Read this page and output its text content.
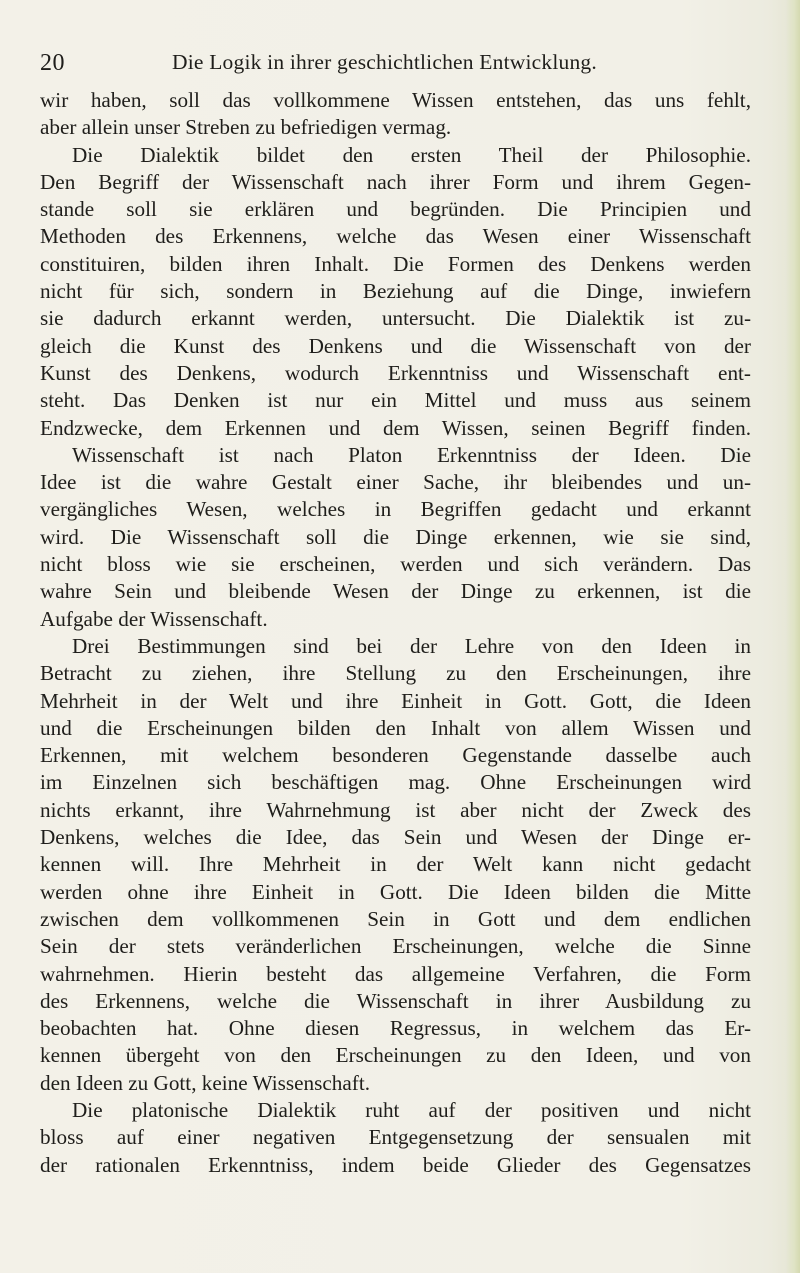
20	Die Logik in ihrer geschichtlichen Entwicklung.
wir haben, soll das vollkommene Wissen entstehen, das uns fehlt,
aber allein unser Streben zu befriedigen vermag.
Die Dialektik bildet den ersten Theil der Philosophie.
Den Begriff der Wissenschaft nach ihrer Form und ihrem Gegen-
stande soll sie erklären und begründen. Die Principien und
Methoden des Erkennens, welche das Wesen einer Wissenschaft
constituiren, bilden ihren Inhalt. Die Formen des Denkens werden
nicht für sich, sondern in Beziehung auf die Dinge, inwiefern
sie dadurch erkannt werden, untersucht. Die Dialektik ist zu-
gleich die Kunst des Denkens und die Wissenschaft von der
Kunst des Denkens, wodurch Erkenntniss und Wissenschaft ent-
steht. Das Denken ist nur ein Mittel und muss aus seinem
Endzwecke, dem Erkennen und dem Wissen, seinen Begriff finden.
Wissenschaft ist nach Platon Erkenntniss der Ideen. Die
Idee ist die wahre Gestalt einer Sache, ihr bleibendes und un-
vergängliches Wesen, welches in Begriffen gedacht und erkannt
wird. Die Wissenschaft soll die Dinge erkennen, wie sie sind,
nicht bloss wie sie erscheinen, werden und sich verändern. Das
wahre Sein und bleibende Wesen der Dinge zu erkennen, ist die
Aufgabe der Wissenschaft.
Drei Bestimmungen sind bei der Lehre von den Ideen in
Betracht zu ziehen, ihre Stellung zu den Erscheinungen, ihre
Mehrheit in der Welt und ihre Einheit in Gott. Gott, die Ideen
und die Erscheinungen bilden den Inhalt von allem Wissen und
Erkennen, mit welchem besonderen Gegenstande dasselbe auch
im Einzelnen sich beschäftigen mag. Ohne Erscheinungen wird
nichts erkannt, ihre Wahrnehmung ist aber nicht der Zweck des
Denkens, welches die Idee, das Sein und Wesen der Dinge er-
kennen will. Ihre Mehrheit in der Welt kann nicht gedacht
werden ohne ihre Einheit in Gott. Die Ideen bilden die Mitte
zwischen dem vollkommenen Sein in Gott und dem endlichen
Sein der stets veränderlichen Erscheinungen, welche die Sinne
wahrnehmen. Hierin besteht das allgemeine Verfahren, die Form
des Erkennens, welche die Wissenschaft in ihrer Ausbildung zu
beobachten hat. Ohne diesen Regressus, in welchem das Er-
kennen übergeht von den Erscheinungen zu den Ideen, und von
den Ideen zu Gott, keine Wissenschaft.
Die platonische Dialektik ruht auf der positiven und nicht
bloss auf einer negativen Entgegensetzung der sensualen mit
der rationalen Erkenntniss, indem beide Glieder des Gegensatzes
